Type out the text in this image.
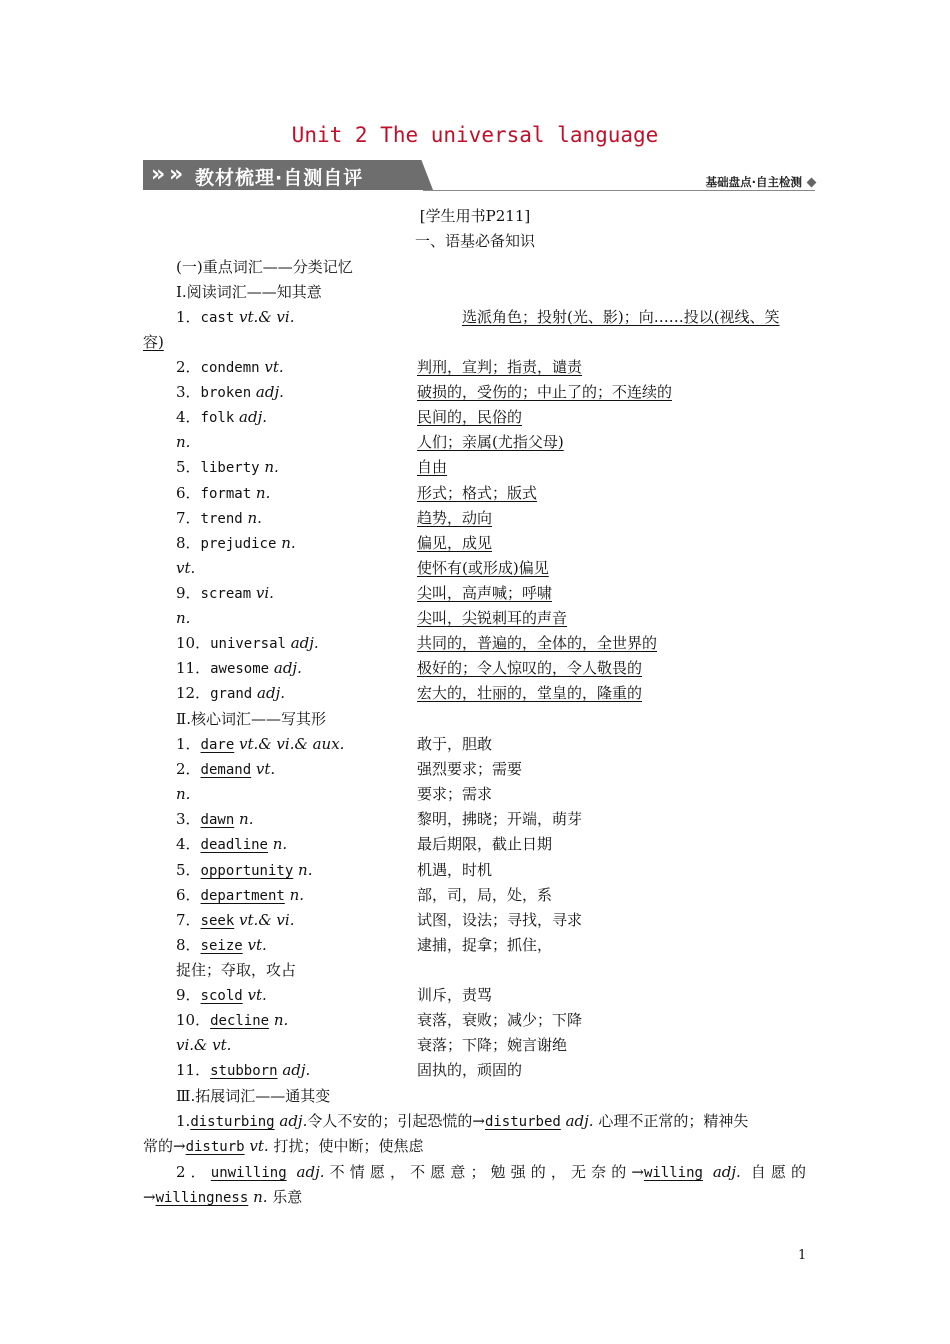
Unit 2 The universal language
» » 教材梳理·自测自评	基础盘点·自主检测
[学生用书P211]
一、语基必备知识
(一)重点词汇——分类记忆
Ⅰ.阅读词汇——知其意
1．cast vt.& vi.	选派角色；投射(光、影)；向……投以(视线、笑
容)
2．condemn vt.	判刑，宣判；指责，谴责
3．broken adj.	破损的，受伤的；中止了的；不连续的
4．folk adj.	民间的，民俗的
n.	人们；亲属(尤指父母)
5．liberty n.	自由
6．format n.	形式；格式；版式
7．trend n.	趋势，动向
8．prejudice n.	偏见，成见
vt.	使怀有(或形成)偏见
9．scream vi.	尖叫，高声喊；呼啸
n.	尖叫，尖锐刺耳的声音
10．universal adj.	共同的，普遍的，全体的，全世界的
11．awesome adj.	极好的；令人惊叹的，令人敬畏的
12．grand adj.	宏大的，壮丽的，堂皇的，隆重的
Ⅱ.核心词汇——写其形
1．dare vt.& vi.& aux.	敢于，胆敢
2．demand vt.	强烈要求；需要
n.	要求；需求
3．dawn n.	黎明，拂晓；开端，萌芽
4．deadline n.	最后期限，截止日期
5．opportunity n.	机遇，时机
6．department n.	部，司，局，处，系
7．seek vt.& vi.	试图，设法；寻找，寻求
8．seize vt.	逮捕，捉拿；抓住，
捉住；夺取，攻占
9．scold vt.	训斥，责骂
10．decline n.	衰落，衰败；减少；下降
vi.& vt.	衰落；下降；婉言谢绝
11．stubborn adj.	固执的，顽固的
Ⅲ.拓展词汇——通其变
1.disturbing adj.令人不安的；引起恐慌的→disturbed adj. 心理不正常的；精神失
常的→disturb vt. 打扰；使中断；使焦虑
2．unwilling adj.不情愿，不愿意；勉强的，无奈的→willing adj. 自愿的
→willingness n. 乐意
1
